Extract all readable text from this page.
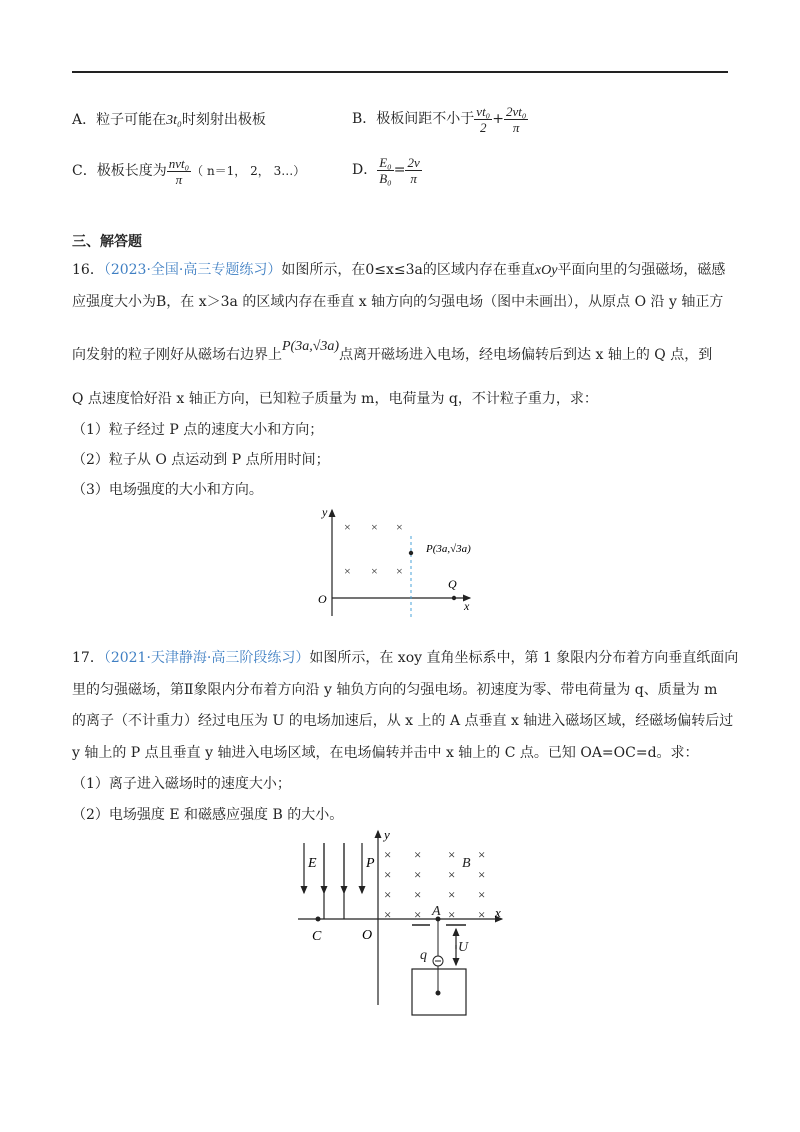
A．粒子可能在3t₀时刻射出极板	B．极板间距不小于 $\frac{\text{vt₀}}{2} + \frac{\text{2vt₀}}{\pi}$
C．极板长度为 $\frac{\text{nvt₀}}{\pi}$ （ n＝1， 2， 3…）	D． $\frac{\text{E₀}}{\text{B₀}} = \frac{2v}{\pi}$
三、解答题
16．（2023·全国·高三专题练习）如图所示，在0≤x≤3a的区域内存在垂直xOy平面向里的匀强磁场，磁感
应强度大小为B，在 x＞3a 的区域内存在垂直 x 轴方向的匀强电场（图中未画出），从原点 O 沿 y 轴正方
向发射的粒子刚好从磁场右边界上P(3a,√3a)点离开磁场进入电场，经电场偏转后到达 x 轴上的 Q 点，到
Q 点速度恰好沿 x 轴正方向，已知粒子质量为 m，电荷量为 q，不计粒子重力，求：
（1）粒子经过 P 点的速度大小和方向；
（2）粒子从 O 点运动到 P 点所用时间；
（3）电场强度的大小和方向。
y
x
O
P(3a,√3a)
Q
× × ×
× × ×
17．（2021·天津静海·高三阶段练习）如图所示，在 xoy 直角坐标系中，第 1 象限内分布着方向垂直纸面向
里的匀强磁场，第Ⅱ象限内分布着方向沿 y 轴负方向的匀强电场。初速度为零、带电荷量为 q、质量为 m
的离子（不计重力）经过电压为 U 的电场加速后，从 x 上的 A 点垂直 x 轴进入磁场区域，经磁场偏转后过
y 轴上的 P 点且垂直 y 轴进入电场区域，在电场偏转并击中 x 轴上的 C 点。已知 OA=OC=d。求：
（1）离子进入磁场时的速度大小；
（2）电场强度 E 和磁感应强度 B 的大小。
y
x
O
E	P
C
× × × ×
× × × ×
× × × ×
× × × ×
B
A
U
q
